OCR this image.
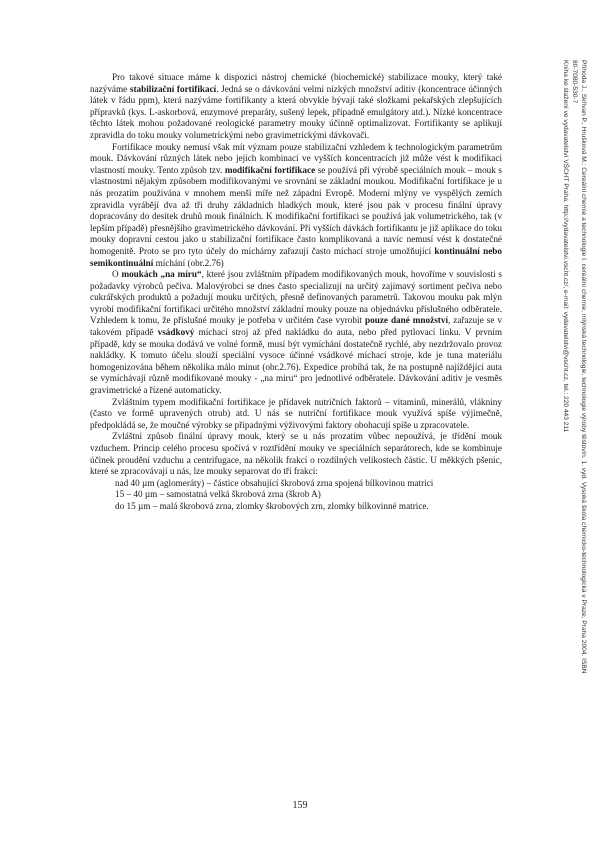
Pro takové situace máme k dispozici nástroj chemické (biochemické) stabilizace mouky, který také nazýváme stabilizační fortifikací. Jedná se o dávkování velmi nízkých množství aditiv (koncentrace účinných látek v řádu ppm), která nazýváme fortifikanty a která obvykle bývají také složkami pekařských zlepšujících přípravků (kys. L-askorbová, enzymové preparáty, sušený lepek, případně emulgátory atd.). Nízké koncentrace těchto látek mohou požadované reologické parametry mouky účinně optimalizovat. Fortifikanty se aplikují zpravidla do toku mouky volumetrickými nebo gravimetrickými dávkovači.

Fortifikace mouky nemusí však mít význam pouze stabilizační vzhledem k technologickým parametrům mouk. Dávkování různých látek nebo jejich kombinací ve vyšších koncentracích již může vést k modifikaci vlastností mouky. Tento způsob tzv. modifikační fortifikace se používá při výrobě speciálních mouk – mouk s vlastnostmi nějakým způsobem modifikovanými ve srovnání se základní moukou. Modifikační fortifikace je u nás prozatím používána v mnohem menší míře než západní Evropě. Moderní mlýny ve vyspělých zemích zpravidla vyrábějí dva až tři druhy základních hladkých mouk, které jsou pak v procesu finální úpravy dopracovány do desítek druhů mouk finálních. K modifikační fortifikaci se používá jak volumetrického, tak (v lepším případě) přesnějšího gravimetrického dávkování. Při vyšších dávkách fortifikantu je již aplikace do toku mouky dopravní cestou jako u stabilizační fortifikace často komplikovaná a navíc nemusí vést k dostatečné homogenitě. Proto se pro tyto účely do míchárny zařazují často míchací stroje umožňující kontinuální nebo semikontinuální míchání (obr.2.76)

O moukách „na míru“, které jsou zvláštním případem modifikovaných mouk, hovoříme v souvislosti s požadavky výrobců pečiva. Malovýrobci se dnes často specializují na určitý zajímavý sortiment pečiva nebo cukrářských produktů a požadují mouku určitých, přesně definovaných parametrů. Takovou mouku pak mlýn vyrobí modifikační fortifikací určitého množství základní mouky pouze na objednávku příslušného odběratele. Vzhledem k tomu, že příslušné mouky je potřeba v určitém čase vyrobit pouze dané množství, zařazuje se v takovém případě vsádkový míchací stroj až před nakládku do auta, nebo před pytlovací linku. V prvním případě, kdy se mouka dodává ve volné formě, musí být vymíchání dostatečně rychlé, aby nezdržovalo provoz nakládky. K tomuto účelu slouží speciální vysoce účinné vsádkové míchací stroje, kde je tuna materiálu homogenizována během několika málo minut (obr.2.76). Expedice probíhá tak, že na postupně najíždějící auta se vymíchávají různě modifikované mouky - „na míru“ pro jednotlivé odběratele. Dávkování aditiv je vesměs gravimetrické a řízené automaticky.

Zvláštním typem modifikační fortifikace je přídavek nutričních faktorů – vitaminů, minerálů, vlákniny (často ve formě upravených otrub) atd. U nás se nutriční fortifikace mouk využívá spíše výjimečně, předpokládá se, že moučné výrobky se případnými výživovými faktory obohacují spíše u zpracovatele.

Zvláštní způsob finální úpravy mouk, který se u nás prozatím vůbec nepoužívá, je třídění mouk vzduchem. Princip celého procesu spočívá v roztřídění mouky ve speciálních separátorech, kde se kombinuje účinek proudění vzduchu a centrifugace, na několik frakcí o rozdílných velikostech částic. U měkkých pšenic, které se zpracovávají u nás, lze mouky separovat do tří frakcí:

nad 40 µm (aglomeráty) – částice obsahující škrobová zrna spojená bílkovinou matrici

15 – 40 µm – samostatná velká škrobová zrna (škrob A)

do 15 µm – malá škrobová zrna, zlomky škrobových zrn, zlomky bílkovinné matrice.

159
Příhoda J., Skřivan P., Hrušková M.: Cereální chemie a technologie I. cereální chemie, mlýnská technologie, technologie výroby těstovin. 1. vyd. Vysoká škola chemicko-technologická v Praze, Praha 2004. ISBN
80-7080-530-7
Kniha ke stažení ve vydavatelství VŠCHT Praha, http://vydavatelstvi.vscht.cz/, e-mail: vydavatelstvi@vscht.cz, tel.: 220 443 211
